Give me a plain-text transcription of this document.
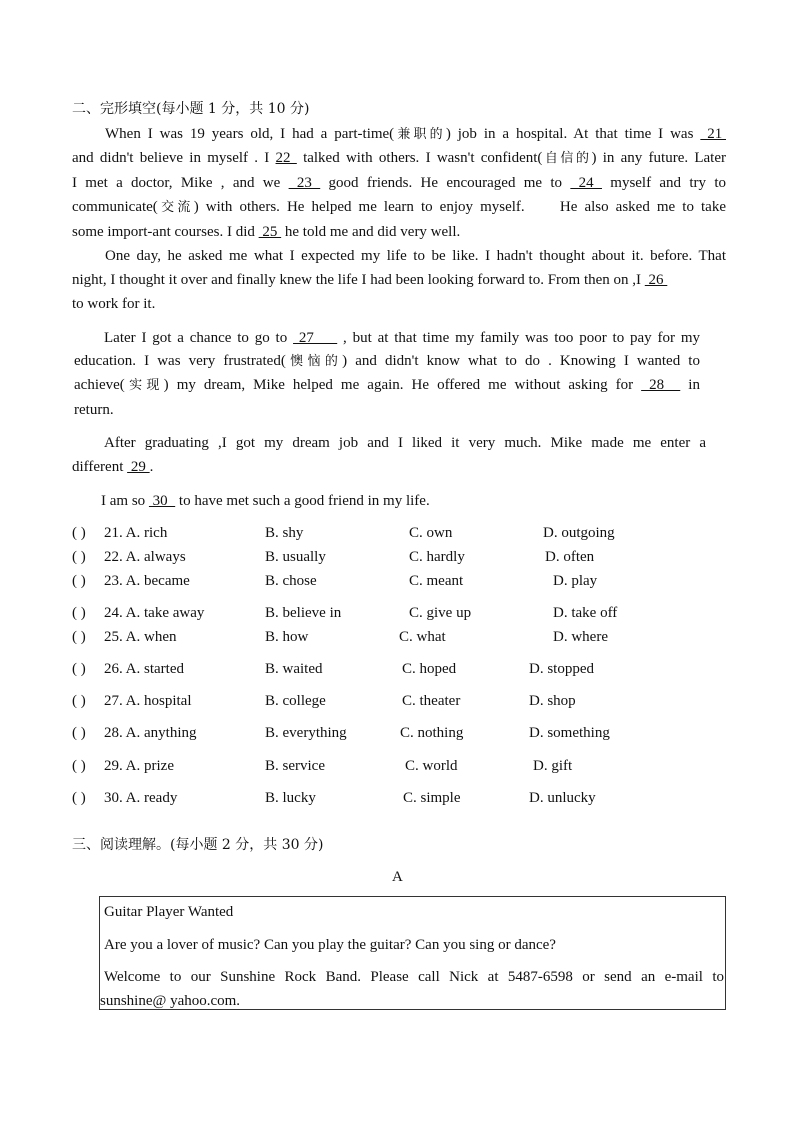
二、完形填空(每小题 1 分，共 10 分)
When I was 19 years old, I had a part-time(兼职的) job in a hospital. At that time I was  21
and didn't believe in myself . I 22  talked with others. I wasn't confident(自信的) in any future. Later
I met a doctor, Mike , and we  23  good friends. He encouraged me to  24  myself and try to
communicate(交流) with others. He helped me learn to enjoy myself.     He also asked me to take
some import-ant courses. I did  25  he told me and did very well.
One day, he asked me what I expected my life to be like. I hadn't thought about it. before. That
night, I thought it over and finally knew the life I had been looking forward to. From then on ,I  26
to work for it.
Later I got a chance to go to  27     , but at that time my family was too poor to pay for my
education. I was very frustrated(懊恼的) and didn't know what to do . Knowing I wanted to
achieve(实现) my dream, Mike helped me again. He offered me without asking for  28   in
return.
After graduating ,I got my dream job and I liked it very much. Mike made me enter a
different  29 .
I am so  30   to have met such a good friend in my life.
( ) 21. A. rich	B. shy	C. own	D. outgoing
( ) 22. A. always	B. usually	C. hardly	D. often
( ) 23. A. became	B. chose	C. meant	D. play
( ) 24. A. take away	B. believe in	C. give up	D. take off
( ) 25. A. when	B. how	C. what	D. where
( ) 26. A. started	B. waited	C. hoped	D. stopped
( ) 27. A. hospital	B. college	C. theater	D. shop
( ) 28. A. anything	B. everything	C. nothing	D. something
( ) 29. A. prize	B. service	C. world	D. gift
( ) 30. A. ready	B. lucky	C. simple	D. unlucky
三、阅读理解。(每小题 2 分，共 30 分)
A
Guitar Player Wanted
Are you a lover of music? Can you play the guitar? Can you sing or dance?
Welcome to our Sunshine Rock Band. Please call Nick at 5487-6598 or send an e-mail to
sunshine@ yahoo.com.
